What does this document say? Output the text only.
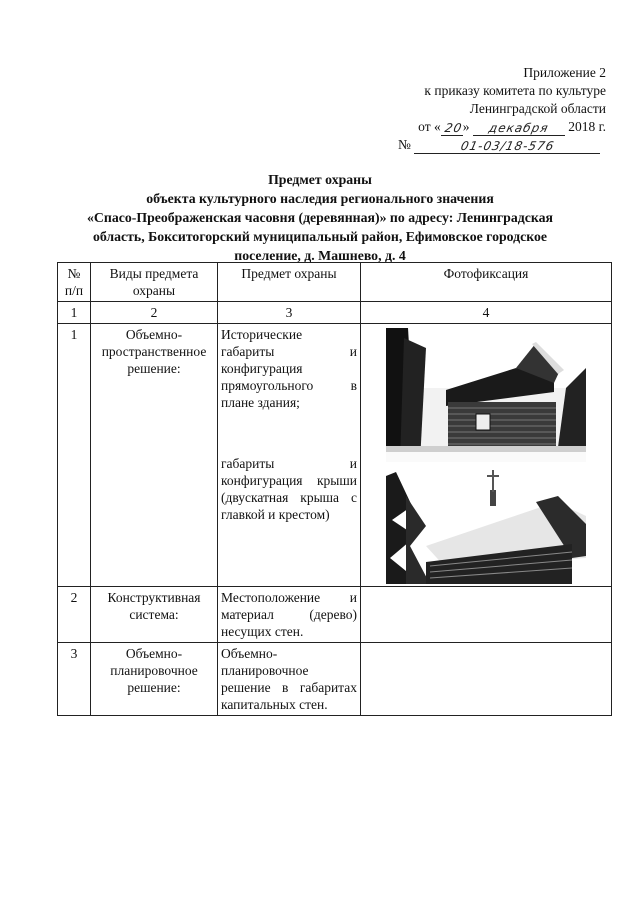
Приложение 2
к приказу комитета по культуре
Ленинградской области
от « 20» декабря 2018 г.
№	01-03/18-576
Предмет охраны
объекта культурного наследия регионального значения
«Спасо-Преображенская часовня (деревянная)» по адресу: Ленинградская
область, Бокситогорский муниципальный район, Ефимовское городское
поселение, д. Машнево, д. 4
№ п/п	Виды предмета охраны	Предмет охраны	Фотофиксация
1	2	3	4
1	Объемно-пространственное решение:	Исторические габариты и конфигурация прямоугольного в плане здания;
габариты и конфигурация крыши (двускатная крыша с главкой и крестом)

2	Конструктивная система:	Местоположение и материал (дерево) несущих стен.	
3	Объемно-планировочное решение:	Объемно-планировочное решение в габаритах капитальных стен.	
